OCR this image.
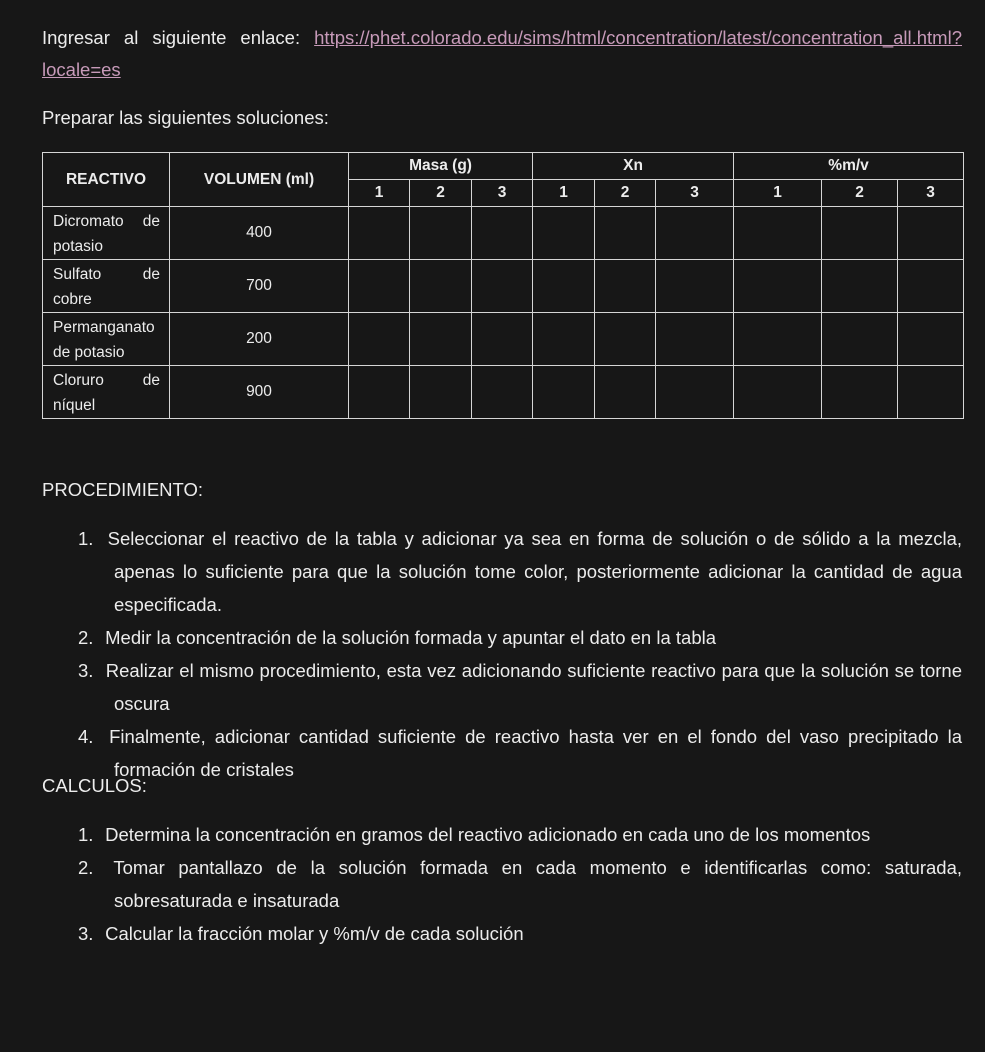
Ingresar al siguiente enlace: https://phet.colorado.edu/sims/html/concentration/latest/concentration_all.html?locale=es
Preparar las siguientes soluciones:
REACTIVO	VOLUMEN (ml)	Masa (g)			Xn			%m/v		
		1	2	3	1	2	3	1	2	3
Dicromato de potasio	400									
Sulfato de cobre	700									
Permanganato de potasio	200									
Cloruro de níquel	900									
PROCEDIMIENTO:
1. Seleccionar el reactivo de la tabla y adicionar ya sea en forma de solución o de sólido a la mezcla, apenas lo suficiente para que la solución tome color, posteriormente adicionar la cantidad de agua especificada.
2. Medir la concentración de la solución formada y apuntar el dato en la tabla
3. Realizar el mismo procedimiento, esta vez adicionando suficiente reactivo para que la solución se torne oscura
4. Finalmente, adicionar cantidad suficiente de reactivo hasta ver en el fondo del vaso precipitado la formación de cristales
CALCULOS:
1. Determina la concentración en gramos del reactivo adicionado en cada uno de los momentos
2. Tomar pantallazo de la solución formada en cada momento e identificarlas como: saturada, sobresaturada e insaturada
3. Calcular la fracción molar y %m/v de cada solución
